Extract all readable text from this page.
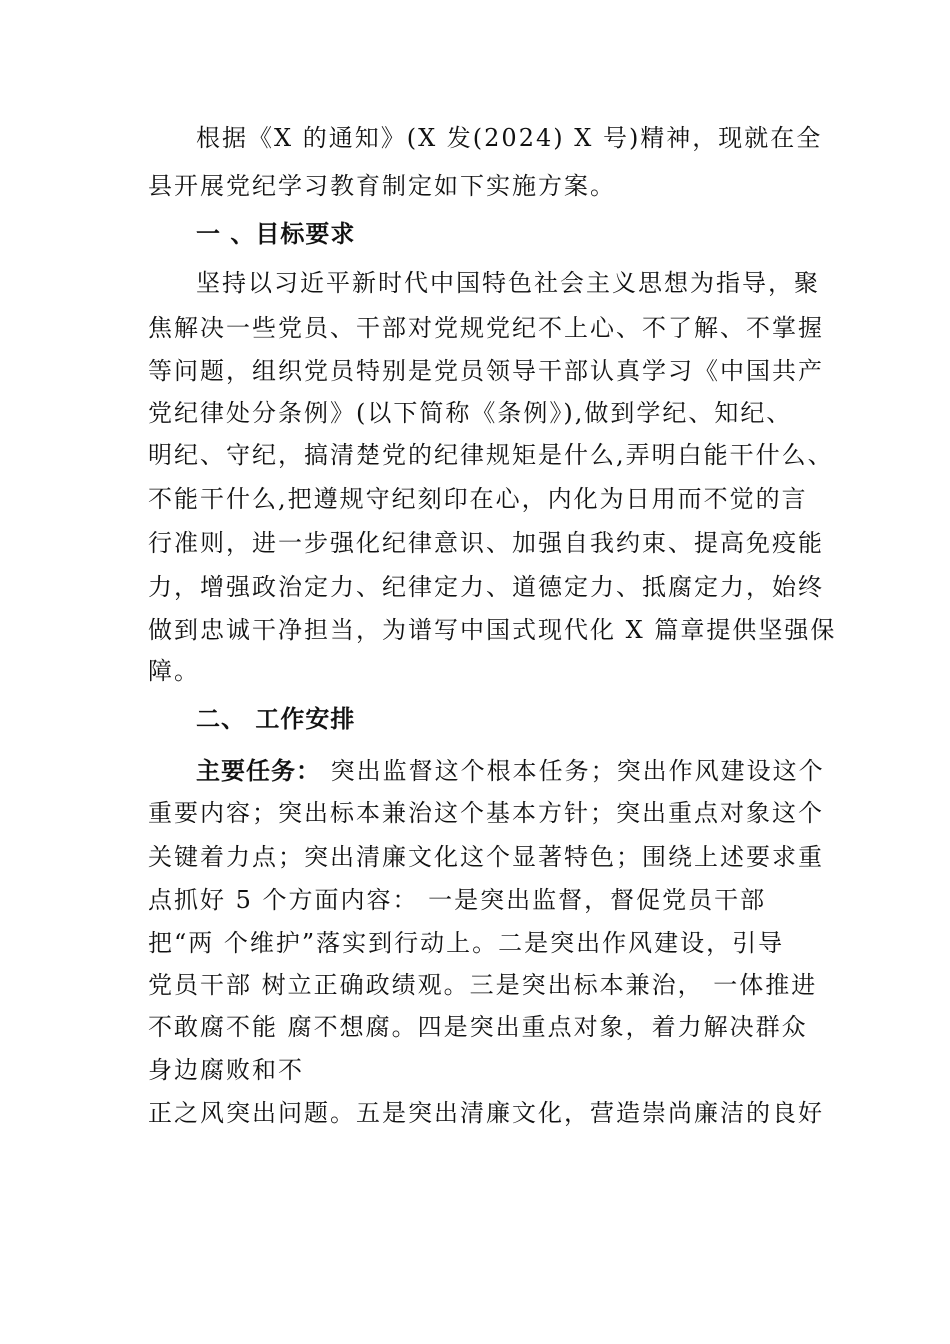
根据《X 的通知》(X 发(2024) X 号)精神，现就在全
县开展党纪学习教育制定如下实施方案。
一 、目标要求
坚持以习近平新时代中国特色社会主义思想为指导，聚
焦解决一些党员、干部对党规党纪不上心、不了解、不掌握
等问题，组织党员特别是党员领导干部认真学习《中国共产
党纪律处分条例》(以下简称《条例》),做到学纪、知纪、
明纪、守纪，搞清楚党的纪律规矩是什么,弄明白能干什么、
不能干什么,把遵规守纪刻印在心，内化为日用而不觉的言
行准则，进一步强化纪律意识、加强自我约束、提高免疫能
力，增强政治定力、纪律定力、道德定力、抵腐定力，始终
做到忠诚干净担当，为谱写中国式现代化 X 篇章提供坚强保
障。
二、 工作安排
主要任务： 突出监督这个根本任务；突出作风建设这个
重要内容；突出标本兼治这个基本方针；突出重点对象这个
关键着力点；突出清廉文化这个显著特色；围绕上述要求重
点抓好 5 个方面内容： 一是突出监督，督促党员干部
把“两 个维护”落实到行动上。二是突出作风建设，引导
党员干部 树立正确政绩观。三是突出标本兼治， 一体推进
不敢腐不能 腐不想腐。四是突出重点对象，着力解决群众
身边腐败和不
正之风突出问题。五是突出清廉文化，营造崇尚廉洁的良好
